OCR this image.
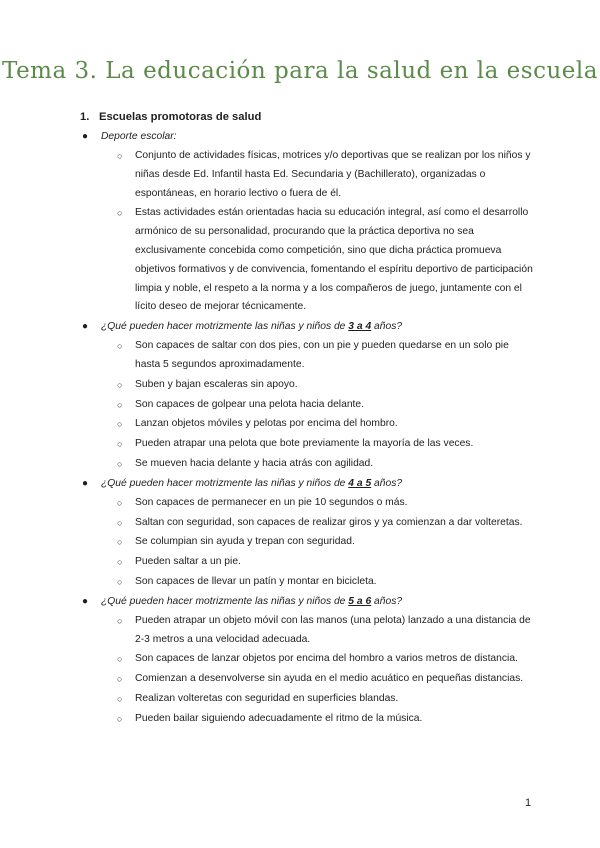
Tema 3. La educación para la salud en la escuela
1. Escuelas promotoras de salud
● Deporte escolar:
○ Conjunto de actividades físicas, motrices y/o deportivas que se realizan por los niños y niñas desde Ed. Infantil hasta Ed. Secundaria y (Bachillerato), organizadas o espontáneas, en horario lectivo o fuera de él.
○ Estas actividades están orientadas hacia su educación integral, así como el desarrollo armónico de su personalidad, procurando que la práctica deportiva no sea exclusivamente concebida como competición, sino que dicha práctica promueva objetivos formativos y de convivencia, fomentando el espíritu deportivo de participación limpia y noble, el respeto a la norma y a los compañeros de juego, juntamente con el lícito deseo de mejorar técnicamente.
● ¿Qué pueden hacer motrizmente las niñas y niños de 3 a 4 años?
○ Son capaces de saltar con dos pies, con un pie y pueden quedarse en un solo pie hasta 5 segundos aproximadamente.
○ Suben y bajan escaleras sin apoyo.
○ Son capaces de golpear una pelota hacia delante.
○ Lanzan objetos móviles y pelotas por encima del hombro.
○ Pueden atrapar una pelota que bote previamente la mayoría de las veces.
○ Se mueven hacia delante y hacia atrás con agilidad.
● ¿Qué pueden hacer motrizmente las niñas y niños de 4 a 5 años?
○ Son capaces de permanecer en un pie 10 segundos o más.
○ Saltan con seguridad, son capaces de realizar giros y ya comienzan a dar volteretas.
○ Se columpian sin ayuda y trepan con seguridad.
○ Pueden saltar a un pie.
○ Son capaces de llevar un patín y montar en bicicleta.
● ¿Qué pueden hacer motrizmente las niñas y niños de 5 a 6 años?
○ Pueden atrapar un objeto móvil con las manos (una pelota) lanzado a una distancia de 2-3 metros a una velocidad adecuada.
○ Son capaces de lanzar objetos por encima del hombro a varios metros de distancia.
○ Comienzan a desenvolverse sin ayuda en el medio acuático en pequeñas distancias.
○ Realizan volteretas con seguridad en superficies blandas.
○ Pueden bailar siguiendo adecuadamente el ritmo de la música.
1
